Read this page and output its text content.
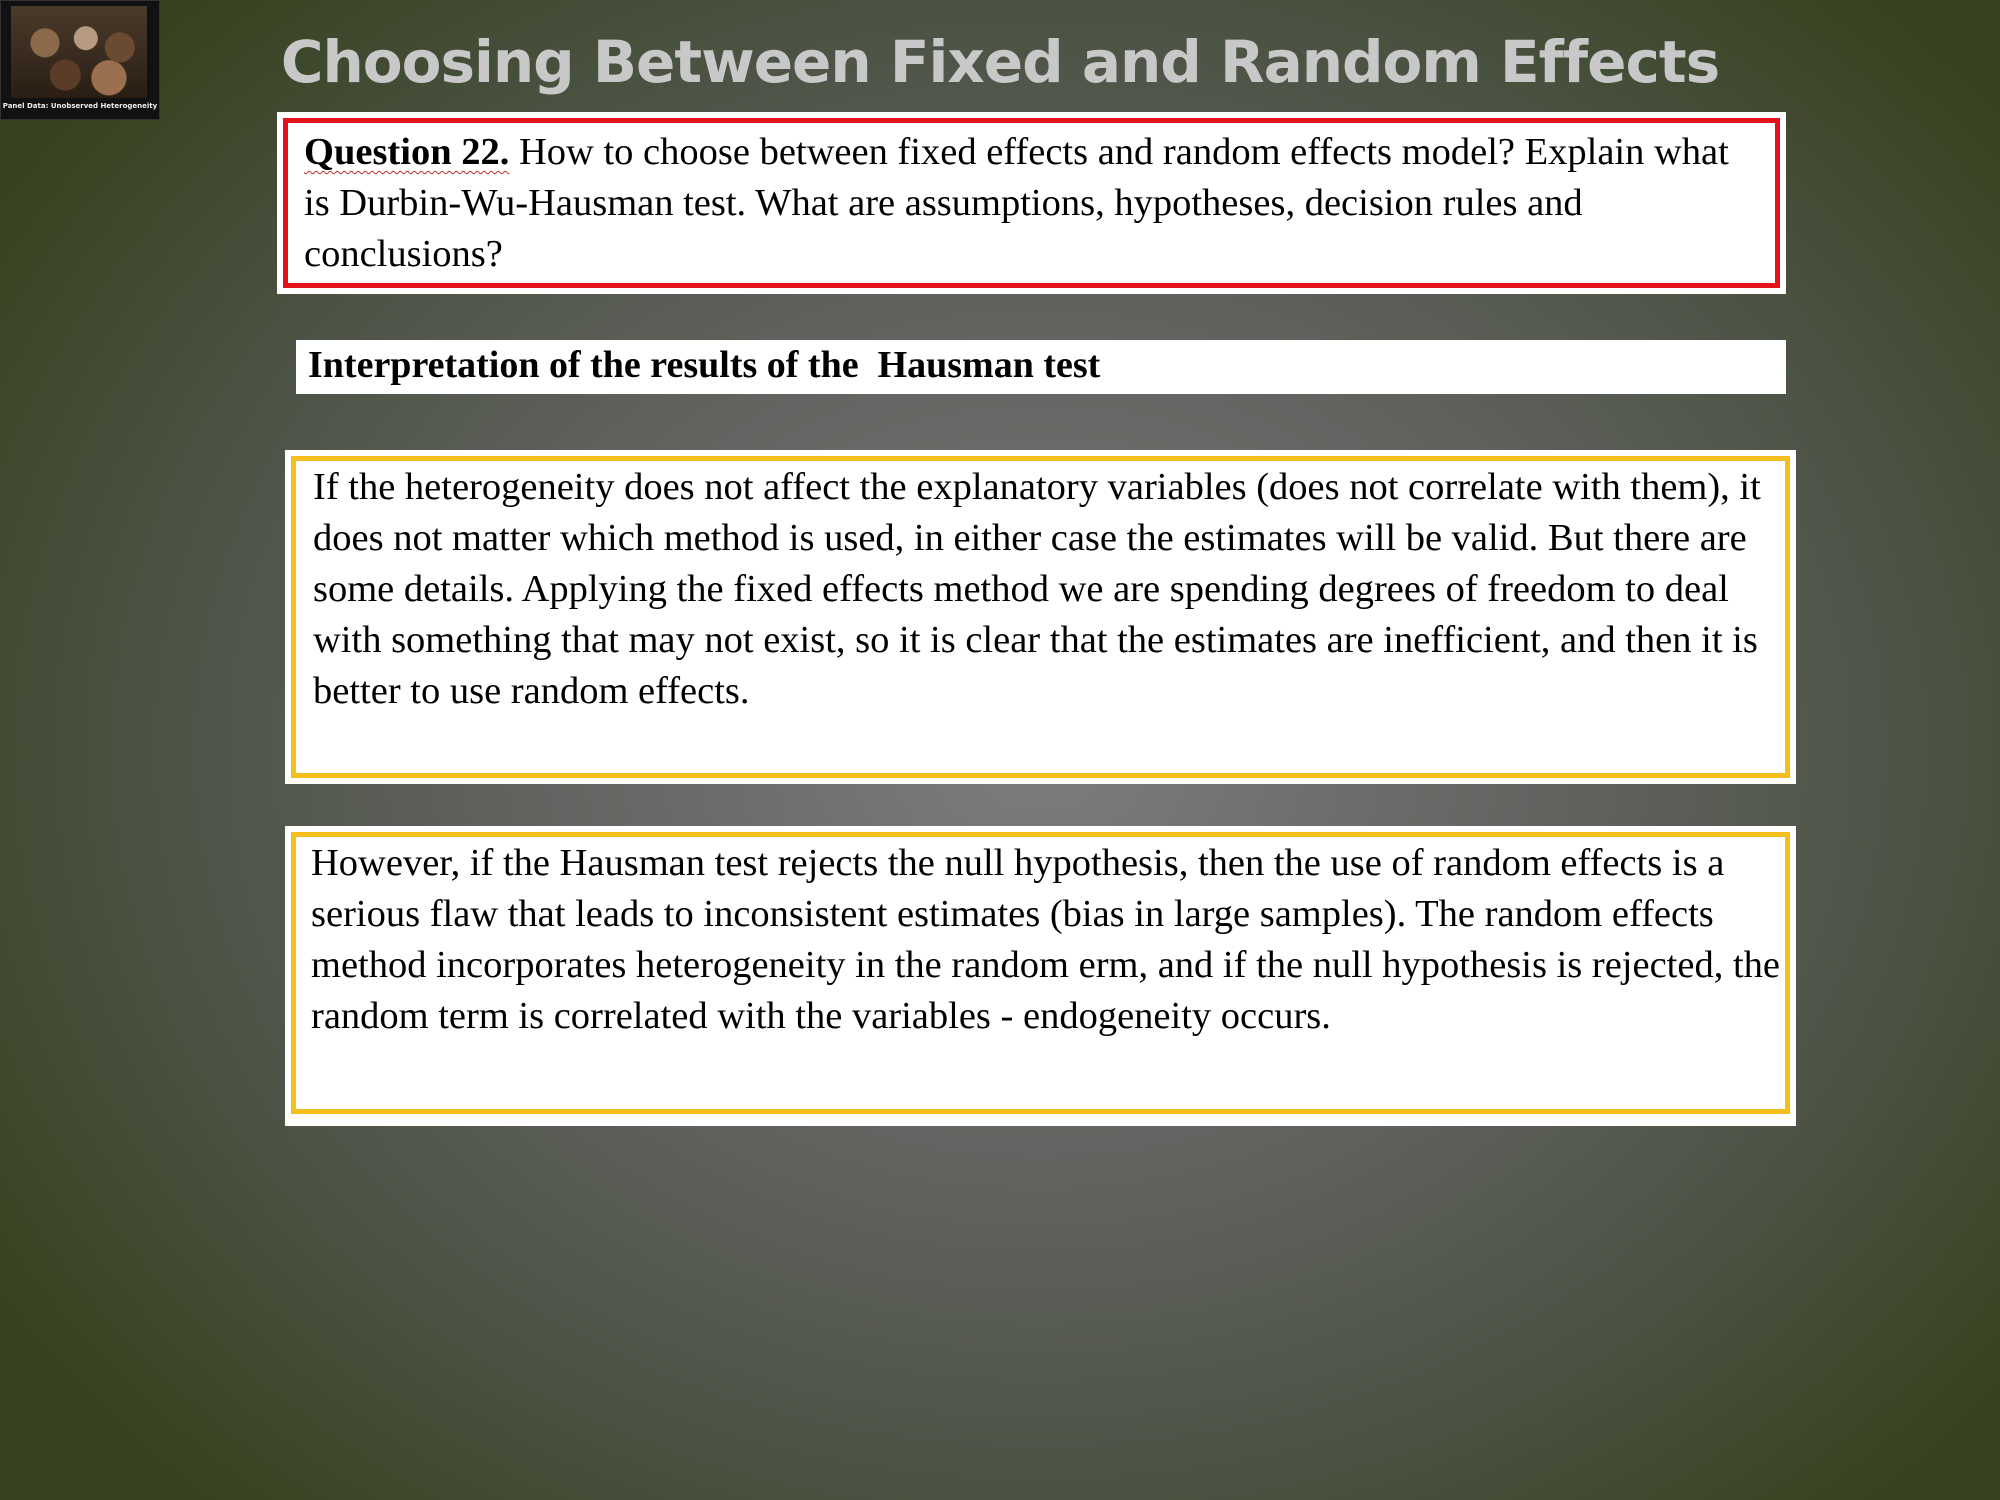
Panel Data: Unobserved Heterogeneity
Choosing Between Fixed and Random Effects

Question 22. How to choose between fixed effects and random effects model? Explain what is Durbin-Wu-Hausman test. What are assumptions, hypotheses, decision rules and conclusions?

Interpretation of the results of the  Hausman test

If the heterogeneity does not affect the explanatory variables (does not correlate with them), it does not matter which method is used, in either case the estimates will be valid. But there are some details. Applying the fixed effects method we are spending degrees of freedom to deal with something that may not exist, so it is clear that the estimates are inefficient, and then it is better to use random effects.

However, if the Hausman test rejects the null hypothesis, then the use of random effects is a serious flaw that leads to inconsistent estimates (bias in large samples). The random effects method incorporates heterogeneity in the random erm, and if the null hypothesis is rejected, the random term is correlated with the variables - endogeneity occurs.
